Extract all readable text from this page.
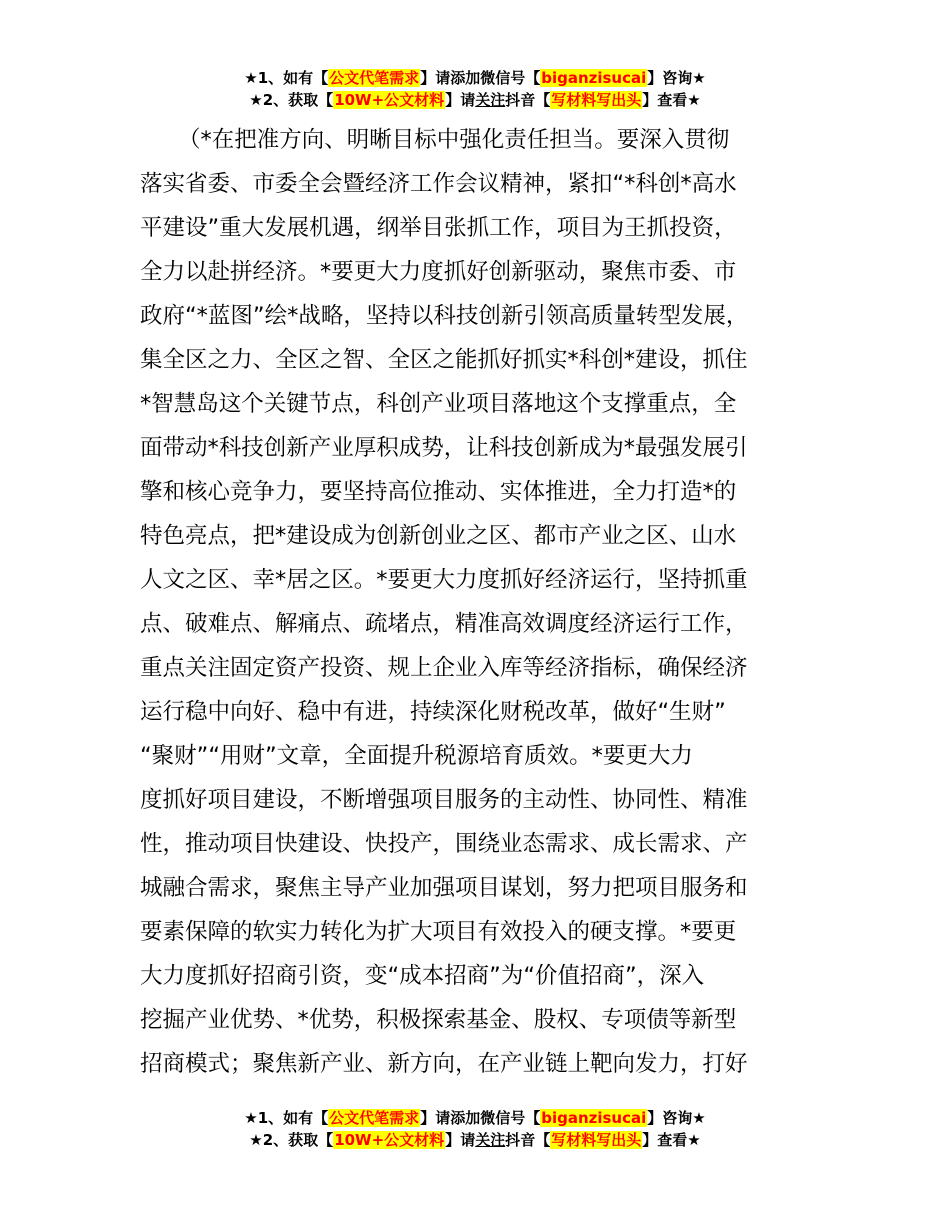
★1、如有【公文代笔需求】请添加微信号【biganzisucai】咨询★
★2、获取【10W+公文材料】请关注抖音【写材料写出头】查看★
（*在把准方向、明晰目标中强化责任担当。要深入贯彻
落实省委、市委全会暨经济工作会议精神，紧扣“*科创*高水
平建设”重大发展机遇，纲举目张抓工作，项目为王抓投资，
全力以赴拼经济。*要更大力度抓好创新驱动，聚焦市委、市
政府“*蓝图”绘*战略，坚持以科技创新引领高质量转型发展，
集全区之力、全区之智、全区之能抓好抓实*科创*建设，抓住
*智慧岛这个关键节点，科创产业项目落地这个支撑重点，全
面带动*科技创新产业厚积成势，让科技创新成为*最强发展引
擎和核心竞争力，要坚持高位推动、实体推进，全力打造*的
特色亮点，把*建设成为创新创业之区、都市产业之区、山水
人文之区、幸*居之区。*要更大力度抓好经济运行，坚持抓重
点、破难点、解痛点、疏堵点，精准高效调度经济运行工作，
重点关注固定资产投资、规上企业入库等经济指标，确保经济
运行稳中向好、稳中有进，持续深化财税改革，做好“生财”
“聚财”“用财”文章，全面提升税源培育质效。*要更大力
度抓好项目建设，不断增强项目服务的主动性、协同性、精准
性，推动项目快建设、快投产，围绕业态需求、成长需求、产
城融合需求，聚焦主导产业加强项目谋划，努力把项目服务和
要素保障的软实力转化为扩大项目有效投入的硬支撑。*要更
大力度抓好招商引资，变“成本招商”为“价值招商”，深入
挖掘产业优势、*优势，积极探索基金、股权、专项债等新型
招商模式；聚焦新产业、新方向，在产业链上靶向发力，打好
★1、如有【公文代笔需求】请添加微信号【biganzisucai】咨询★
★2、获取【10W+公文材料】请关注抖音【写材料写出头】查看★
